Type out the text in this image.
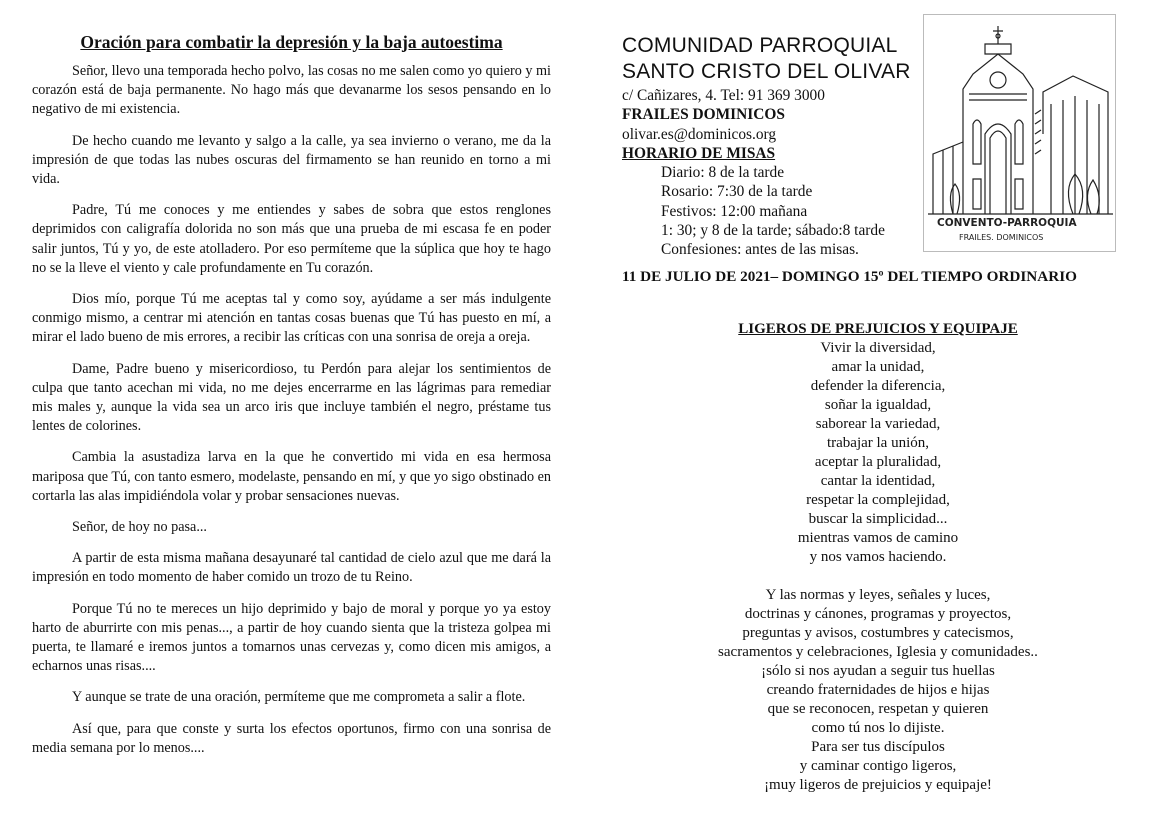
Oración para combatir la depresión y la baja autoestima

Señor, llevo una temporada hecho polvo, las cosas no me salen como yo quiero y mi corazón está de baja permanente. No hago más que devanarme los sesos pensando en lo negativo de mi existencia.

De hecho cuando me levanto y salgo a la calle, ya sea invierno o verano, me da la impresión de que todas las nubes oscuras del firmamento se han reunido en torno a mi vida.

Padre, Tú me conoces y me entiendes y sabes de sobra que estos renglones deprimidos con caligrafía dolorida no son más que una prueba de mi escasa fe en poder salir juntos, Tú y yo, de este atolladero. Por eso permíteme que la súplica que hoy te hago no se la lleve el viento y cale profundamente en Tu corazón.

Dios mío, porque Tú me aceptas tal y como soy, ayúdame a ser más indulgente conmigo mismo, a centrar mi atención en tantas cosas buenas que Tú has puesto en mí, a mirar el lado bueno de mis errores, a recibir las críticas con una sonrisa de oreja a oreja.

Dame, Padre bueno y misericordioso, tu Perdón para alejar los sentimientos de culpa que tanto acechan mi vida, no me dejes encerrarme en las lágrimas para remediar mis males y, aunque la vida sea un arco iris que incluye también el negro, préstame tus lentes de colorines.

Cambia la asustadiza larva en la que he convertido mi vida en esa hermosa mariposa que Tú, con tanto esmero, modelaste, pensando en mí, y que yo sigo obstinado en cortarla las alas impidiéndola volar y probar sensaciones nuevas.

Señor, de hoy no pasa...

A partir de esta misma mañana desayunaré tal cantidad de cielo azul que me dará la impresión en todo momento de haber comido un trozo de tu Reino.

Porque Tú no te mereces un hijo deprimido y bajo de moral y porque yo ya estoy harto de aburrirte con mis penas..., a partir de hoy cuando sienta que la tristeza golpea mi puerta, te llamaré e iremos juntos a tomarnos unas cervezas y, como dicen mis amigos, a echarnos unas risas....

Y aunque se trate de una oración, permíteme que me comprometa a salir a flote.

Así que, para que conste y surta los efectos oportunos, firmo con una sonrisa de media semana por lo menos....

COMUNIDAD PARROQUIAL
SANTO CRISTO DEL OLIVAR
c/ Cañizares, 4. Tel: 91 369 3000
FRAILES DOMINICOS
olivar.es@dominicos.org
HORARIO DE MISAS
Diario: 8 de la tarde
Rosario: 7:30 de la tarde
Festivos: 12:00 mañana
1: 30; y 8 de la tarde; sábado:8 tarde
Confesiones: antes de las misas.
CONVENTO-PARROQUIA
FRAILES. DOMINICOS
11 DE JULIO DE 2021– DOMINGO 15º DEL TIEMPO ORDINARIO
LIGEROS DE PREJUICIOS Y EQUIPAJE
Vivir la diversidad,
amar la unidad,
defender la diferencia,
soñar la igualdad,
saborear la variedad,
trabajar la unión,
aceptar la pluralidad,
cantar la identidad,
respetar la complejidad,
buscar la simplicidad...
mientras vamos de camino
y nos vamos haciendo.
Y las normas y leyes, señales y luces,
doctrinas y cánones, programas y proyectos,
preguntas y avisos, costumbres y catecismos,
sacramentos y celebraciones, Iglesia y comunidades..
¡sólo si nos ayudan a seguir tus huellas
creando fraternidades de hijos e hijas
que se reconocen, respetan y quieren
como tú nos lo dijiste.
Para ser tus discípulos
y caminar contigo ligeros,
¡muy ligeros de prejuicios y equipaje!
